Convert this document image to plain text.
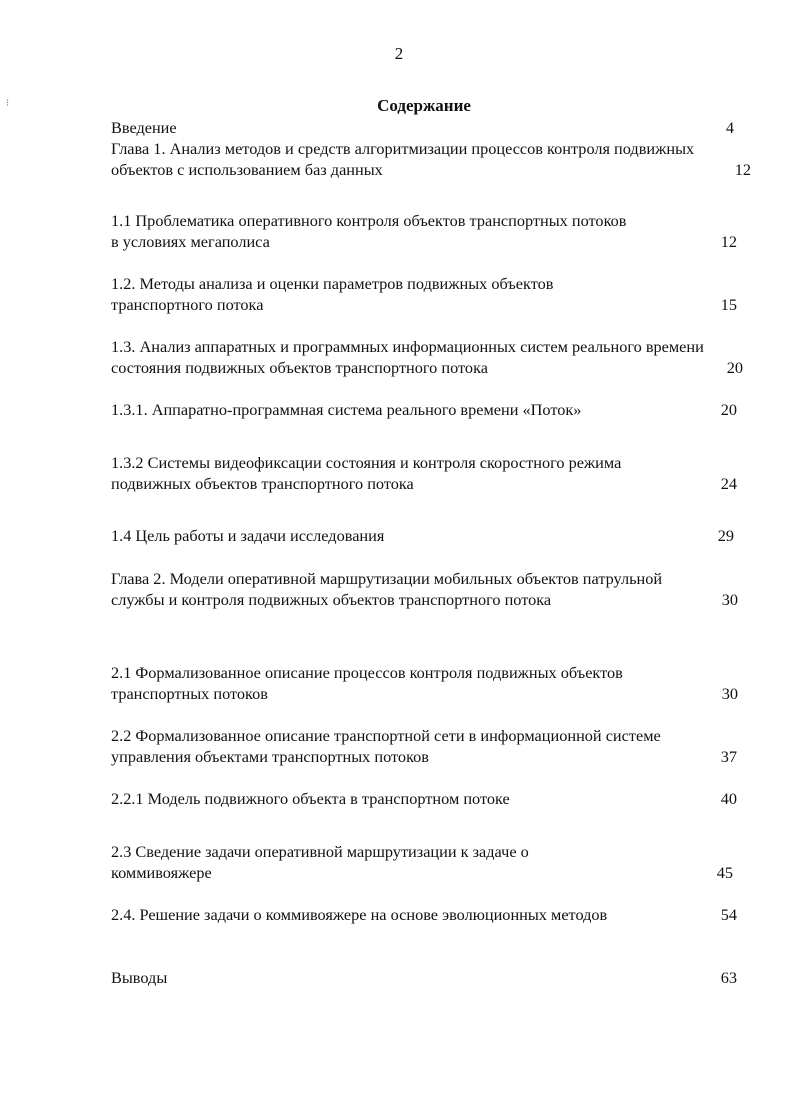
2
⁝	Содержание
Введение	4
Глава 1. Анализ методов и средств алгоритмизации процессов контроля подвижных объектов с использованием баз данных	12
1.1 Проблематика оперативного контроля объектов транспортных потоков в условиях мегаполиса	12
1.2. Методы анализа и оценки параметров подвижных объектов транспортного потока	15
1.3. Анализ аппаратных и программных информационных систем реального времени состояния подвижных объектов транспортного потока	20
1.3.1. Аппаратно-программная система реального времени «Поток»	20
1.3.2 Системы видеофиксации состояния и контроля скоростного режима подвижных объектов транспортного потока	24
1.4 Цель работы и задачи исследования	29
Глава 2. Модели оперативной маршрутизации мобильных объектов патрульной службы и контроля подвижных объектов транспортного потока	30
2.1 Формализованное описание процессов контроля подвижных объектов транспортных потоков	30
2.2 Формализованное описание транспортной сети в информационной системе управления объектами транспортных потоков	37
2.2.1 Модель подвижного объекта в транспортном потоке	40
2.3 Сведение задачи оперативной маршрутизации к задаче о коммивояжере	45
2.4. Решение задачи о коммивояжере на основе эволюционных методов	54
Выводы	63
